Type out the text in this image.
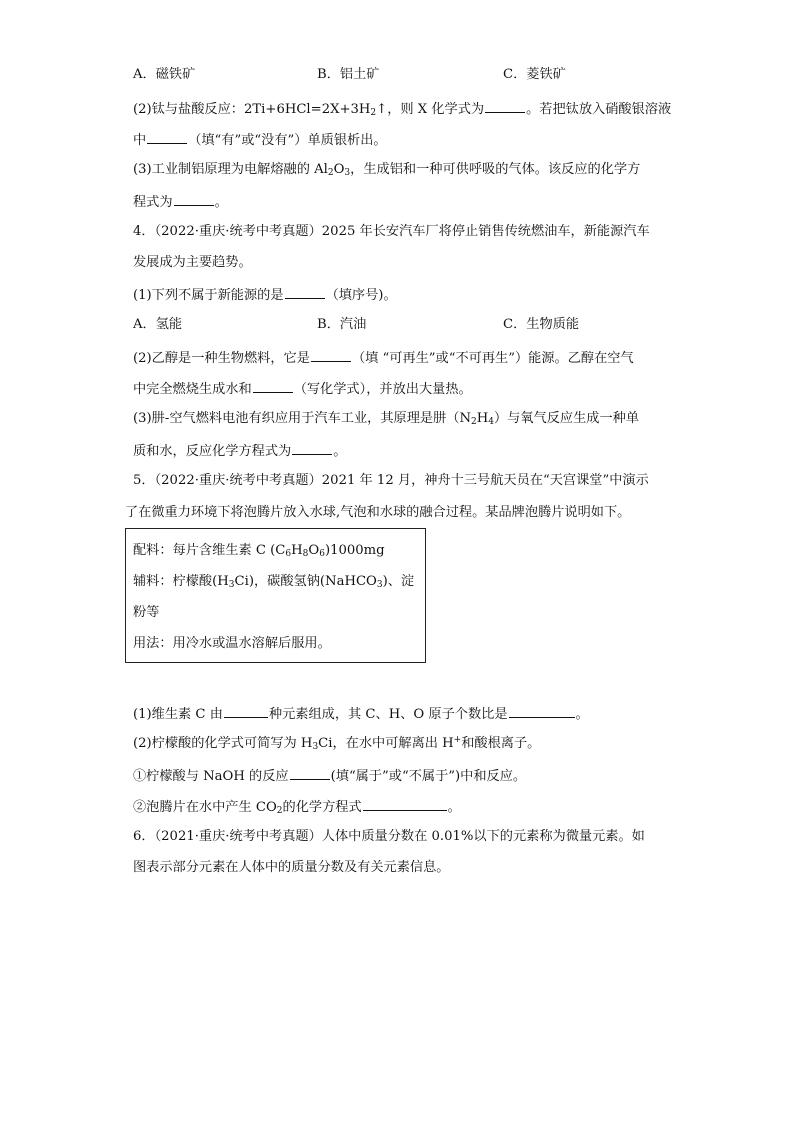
A．磁铁矿	B．铝土矿	C．菱铁矿
(2)钛与盐酸反应：$2Ti+6HCl=2X+3H_2↑$，则 X 化学式为	。若把钛放入硝酸银溶液
中	（填“有”或“没有”）单质银析出。
(3)工业制铝原理为电解熔融的 $Al_2O_3$，生成铝和一种可供呼吸的气体。该反应的化学方
程式为	。
4．（2022·重庆·统考中考真题）2025 年长安汽车厂将停止销售传统燃油车，新能源汽车
发展成为主要趋势。
(1)下列不属于新能源的是	（填序号)。
A．氢能	B．汽油	C．生物质能
(2)乙醇是一种生物燃料，它是	（填 “可再生”或“不可再生”）能源。乙醇在空气
中完全燃烧生成水和	（写化学式），并放出大量热。
(3)肼-空气燃料电池有织应用于汽车工业，其原理是肼$(N_2H_4)$与氧气反应生成一种单
质和水，反应化学方程式为	。
5．（2022·重庆·统考中考真题）2021 年 12 月，神舟十三号航天员在“天宫课堂”中演示
了在微重力环境下将泡腾片放入水球,气泡和水球的融合过程。某品牌泡腾片说明如下。
配料：每片含维生素 C $(C_6H_8O_6)1000mg$
辅料：柠檬酸$(H_3Ci)$，碳酸氢钠(NaHCO$_3$)、淀
粉等
用法：用冷水或温水溶解后服用。
(1)维生素 C 由	种元素组成，其 C、H、O 原子个数比是	。
(2)柠檬酸的化学式可简写为 $H_3Ci$，在水中可解离出 H+和酸根离子。
①柠檬酸与 NaOH 的反应	(填“属于”或“不属于”)中和反应。
②泡腾片在水中产生 $CO_2$的化学方程式	。
6．（2021·重庆·统考中考真题）人体中质量分数在 0.01%以下的元素称为微量元素。如
图表示部分元素在人体中的质量分数及有关元素信息。
